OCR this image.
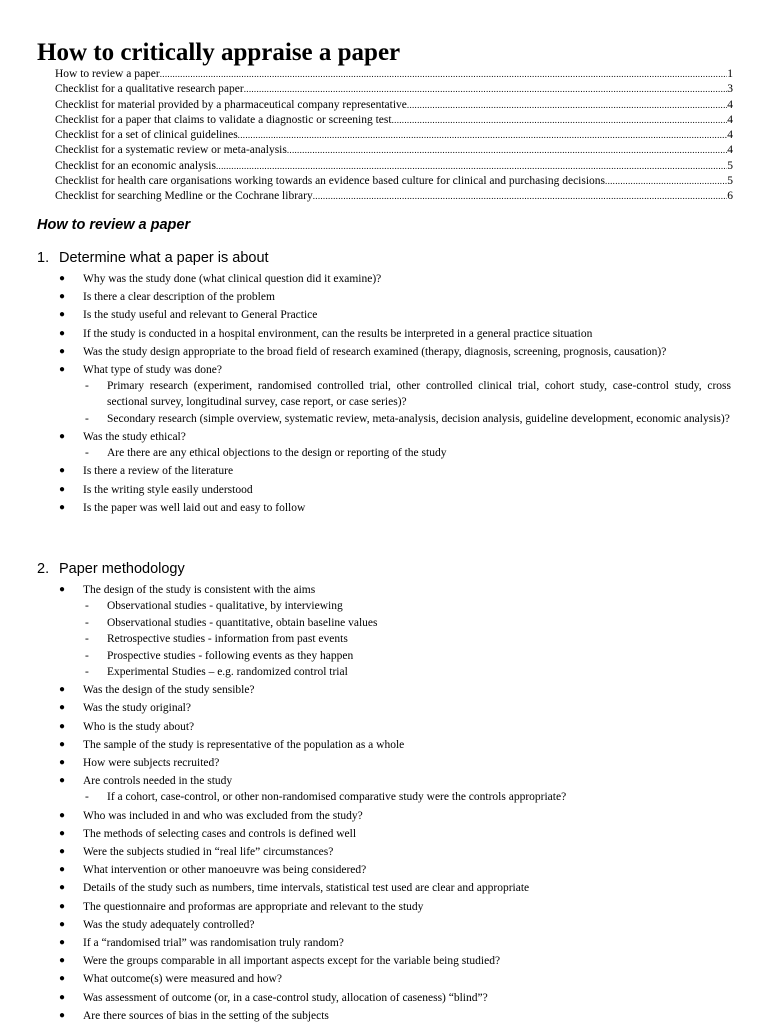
How to critically appraise a paper
How to review a paper .....	1
Checklist for a qualitative research paper .....	3
Checklist for material provided by a pharmaceutical company representative .....	4
Checklist for a paper that claims to validate a diagnostic or screening test .....	4
Checklist for a set of clinical guidelines .....	4
Checklist for a systematic review or meta-analysis .....	4
Checklist for an economic analysis .....	5
Checklist for health care organisations working towards an evidence based culture for clinical and purchasing decisions .....	5
Checklist for searching Medline or the Cochrane library .....	6
How to review a paper
1. Determine what a paper is about
● Why was the study done (what clinical question did it examine)?
● Is there a clear description of the problem
● Is the study useful and relevant to General Practice
● If the study is conducted in a hospital environment, can the results be interpreted in a general practice situation
● Was the study design appropriate to the broad field of research examined (therapy, diagnosis, screening, prognosis, causation)?
● What type of study was done?
- Primary research (experiment, randomised controlled trial, other controlled clinical trial, cohort study, case-control study, cross sectional survey, longitudinal survey, case report, or case series)?
- Secondary research (simple overview, systematic review, meta-analysis, decision analysis, guideline development, economic analysis)?
● Was the study ethical?
- Are there are any ethical objections to the design or reporting of the study
● Is there a review of the literature
● Is the writing style easily understood
● Is the paper was well laid out and easy to follow
2. Paper methodology
● The design of the study is consistent with the aims
- Observational studies - qualitative, by interviewing
- Observational studies - quantitative, obtain baseline values
- Retrospective studies - information from past events
- Prospective studies - following events as they happen
- Experimental Studies – e.g. randomized control trial
● Was the design of the study sensible?
● Was the study original?
● Who is the study about?
● The sample of the study is representative of the population as a whole
● How were subjects recruited?
● Are controls needed in the study
- If a cohort, case-control, or other non-randomised comparative study were the controls appropriate?
● Who was included in and who was excluded from the study?
● The methods of selecting cases and controls is defined well
● Were the subjects studied in “real life” circumstances?
● What intervention or other manoeuvre was being considered?
● Details of the study such as numbers, time intervals, statistical test used are clear and appropriate
● The questionnaire and proformas are appropriate and relevant to the study
● Was the study adequately controlled?
● If a “randomised trial” was randomisation truly random?
● Were the groups comparable in all important aspects except for the variable being studied?
● What outcome(s) were measured and how?
● Was assessment of outcome (or, in a case-control study, allocation of caseness) “blind”?
● Are there sources of bias in the setting of the subjects
